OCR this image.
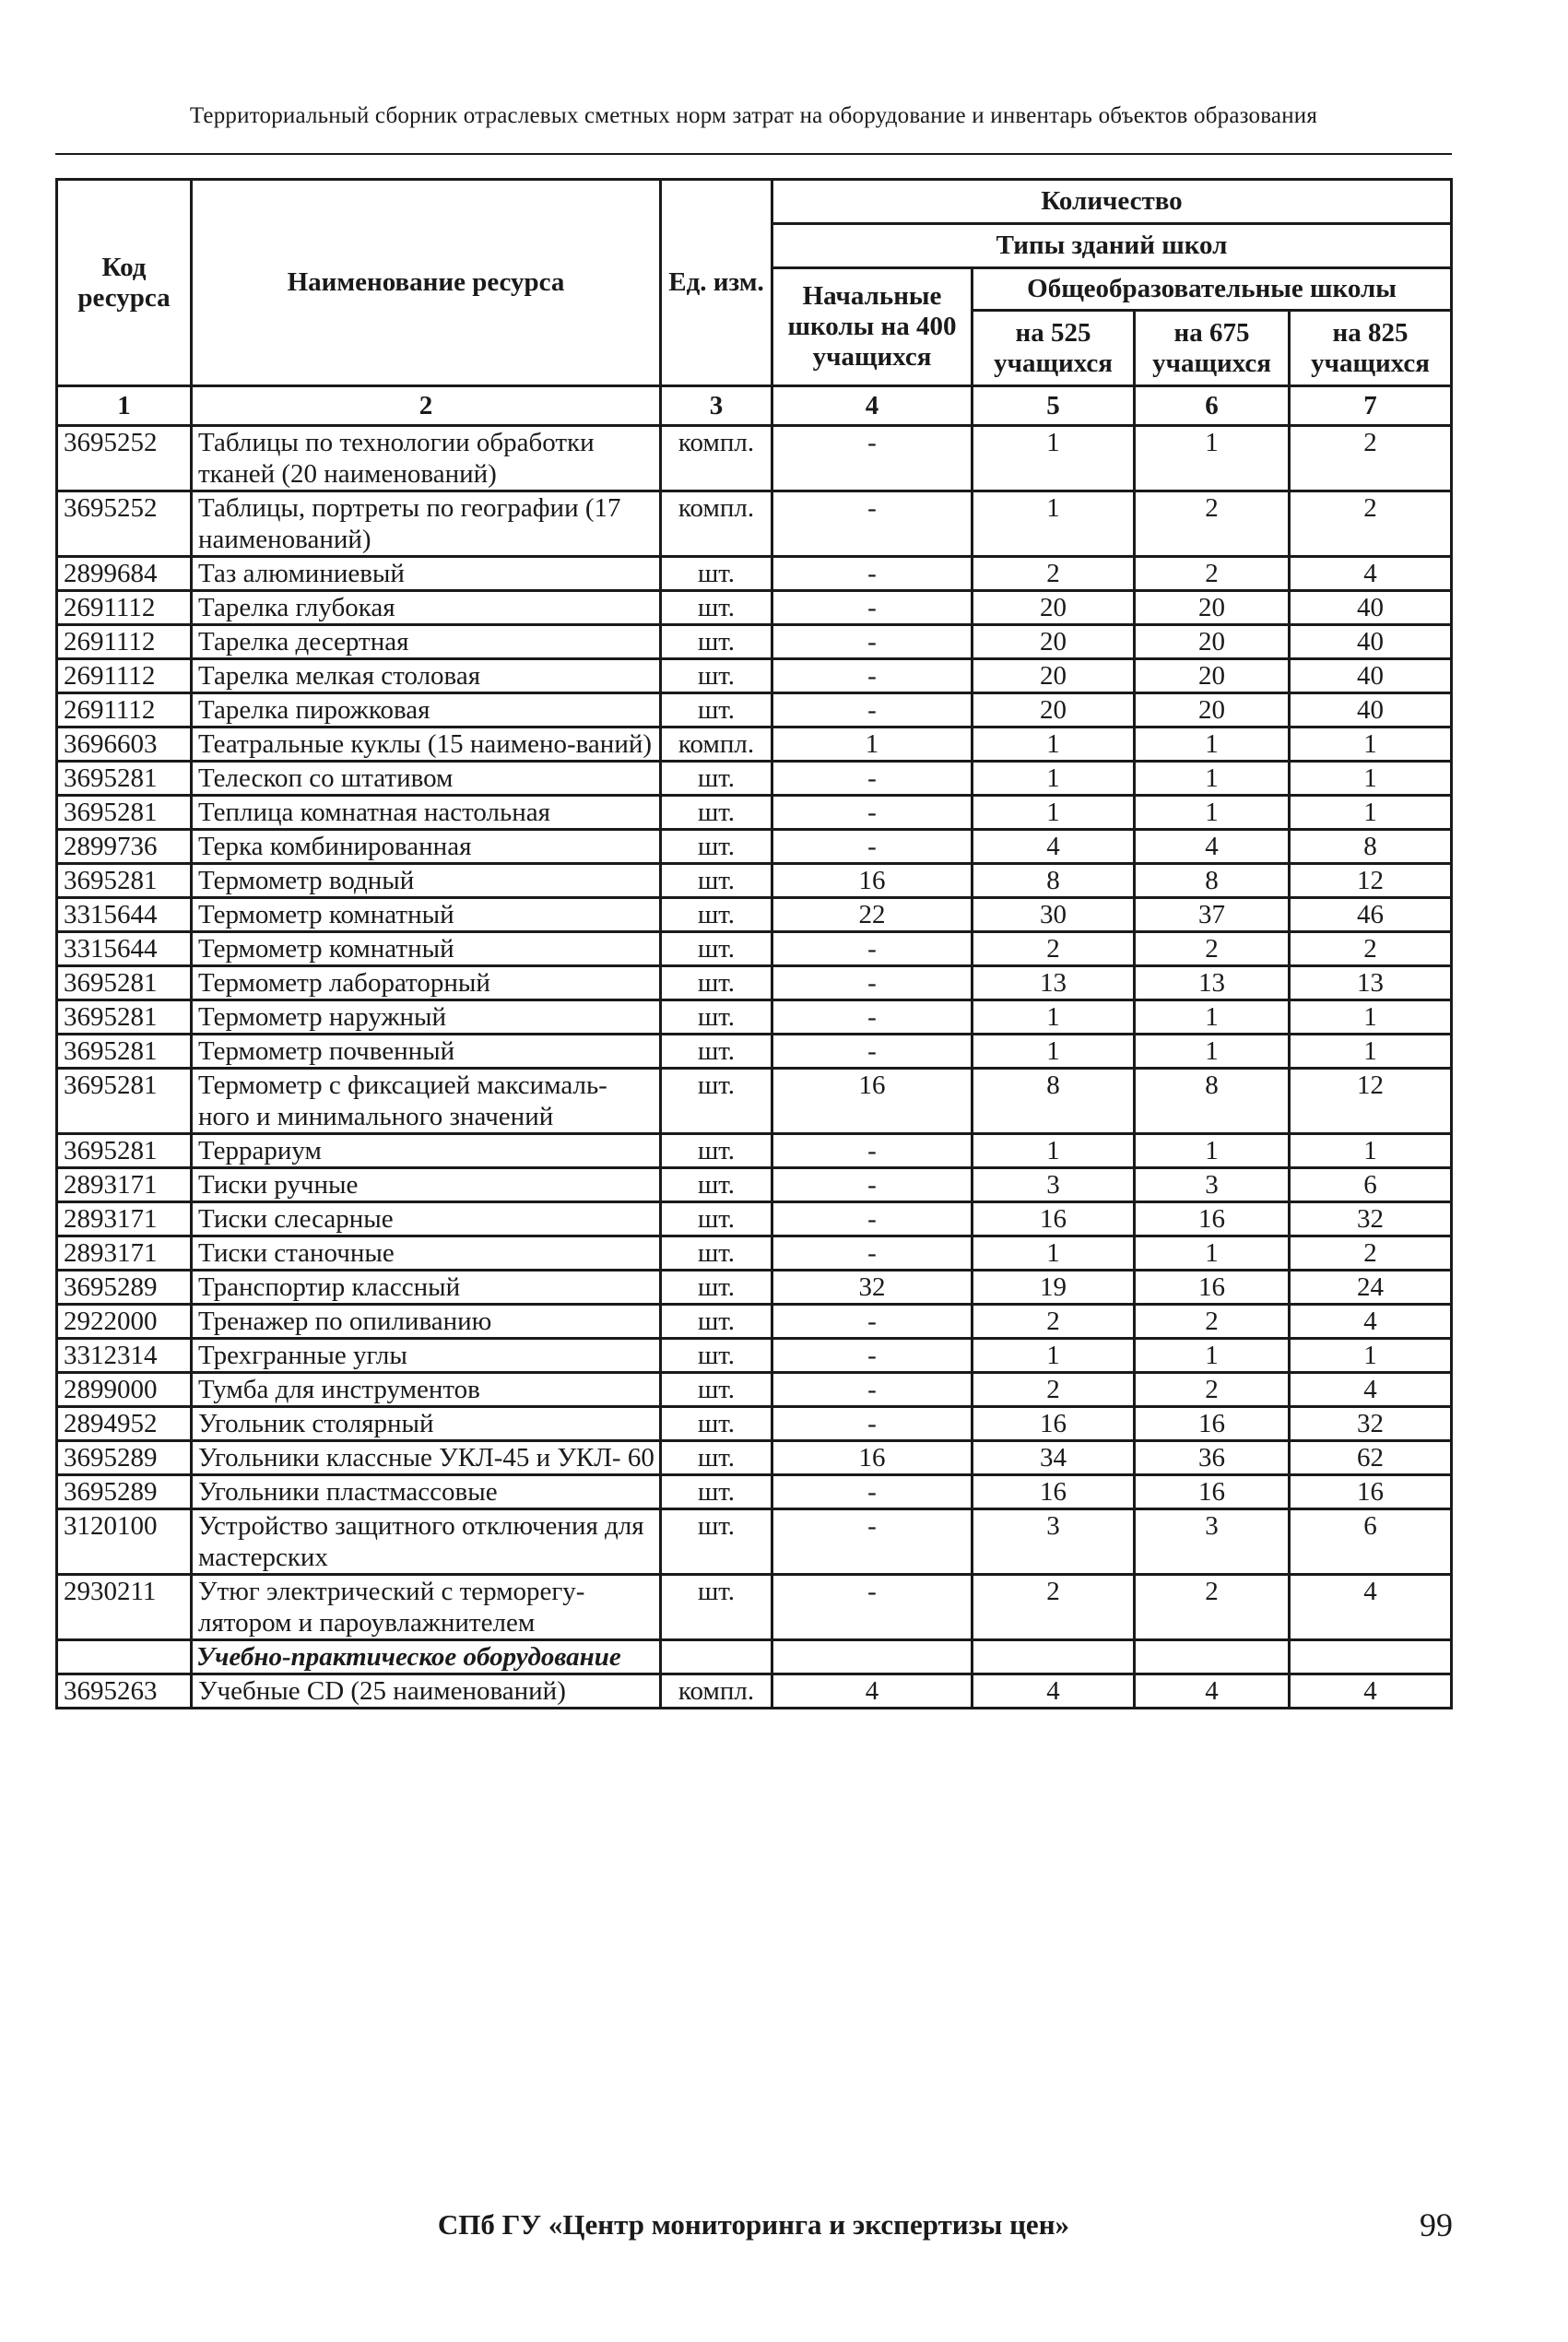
Территориальный сборник отраслевых сметных норм затрат на оборудование и инвентарь объектов образования
Код ресурса	Наименование ресурса	Ед. изм.	Количество			
			Типы зданий школ			
			Начальные школы на 400 учащихся	Общеобразовательные школы		
				на 525 учащихся	на 675 учащихся	на 825 учащихся
1	2	3	4	5	6	7
3695252	Таблицы по технологии обработки тканей (20 наименований)	компл.	-	1	1	2
3695252	Таблицы, портреты по географии (17 наименований)	компл.	-	1	2	2
2899684	Таз алюминиевый	шт.	-	2	2	4
2691112	Тарелка глубокая	шт.	-	20	20	40
2691112	Тарелка десертная	шт.	-	20	20	40
2691112	Тарелка мелкая столовая	шт.	-	20	20	40
2691112	Тарелка пирожковая	шт.	-	20	20	40
3696603	Театральные куклы (15 наимено-ваний)	компл.	1	1	1	1
3695281	Телескоп со штативом	шт.	-	1	1	1
3695281	Теплица комнатная настольная	шт.	-	1	1	1
2899736	Терка комбинированная	шт.	-	4	4	8
3695281	Термометр водный	шт.	16	8	8	12
3315644	Термометр комнатный	шт.	22	30	37	46
3315644	Термометр комнатный	шт.	-	2	2	2
3695281	Термометр лабораторный	шт.	-	13	13	13
3695281	Термометр наружный	шт.	-	1	1	1
3695281	Термометр почвенный	шт.	-	1	1	1
3695281	Термометр с фиксацией максималь-ного и минимального значений	шт.	16	8	8	12
3695281	Террариум	шт.	-	1	1	1
2893171	Тиски ручные	шт.	-	3	3	6
2893171	Тиски слесарные	шт.	-	16	16	32
2893171	Тиски станочные	шт.	-	1	1	2
3695289	Транспортир классный	шт.	32	19	16	24
2922000	Тренажер по опиливанию	шт.	-	2	2	4
3312314	Трехгранные углы	шт.	-	1	1	1
2899000	Тумба для инструментов	шт.	-	2	2	4
2894952	Угольник столярный	шт.	-	16	16	32
3695289	Угольники классные УКЛ-45 и УКЛ- 60	шт.	16	34	36	62
3695289	Угольники пластмассовые	шт.	-	16	16	16
3120100	Устройство защитного отключения для мастерских	шт.	-	3	3	6
2930211	Утюг электрический с терморегу-лятором и пароувлажнителем	шт.	-	2	2	4
	Учебно-практическое оборудование					
3695263	Учебные CD (25 наименований)	компл.	4	4	4	4
СПб ГУ «Центр мониторинга и экспертизы цен»	99
